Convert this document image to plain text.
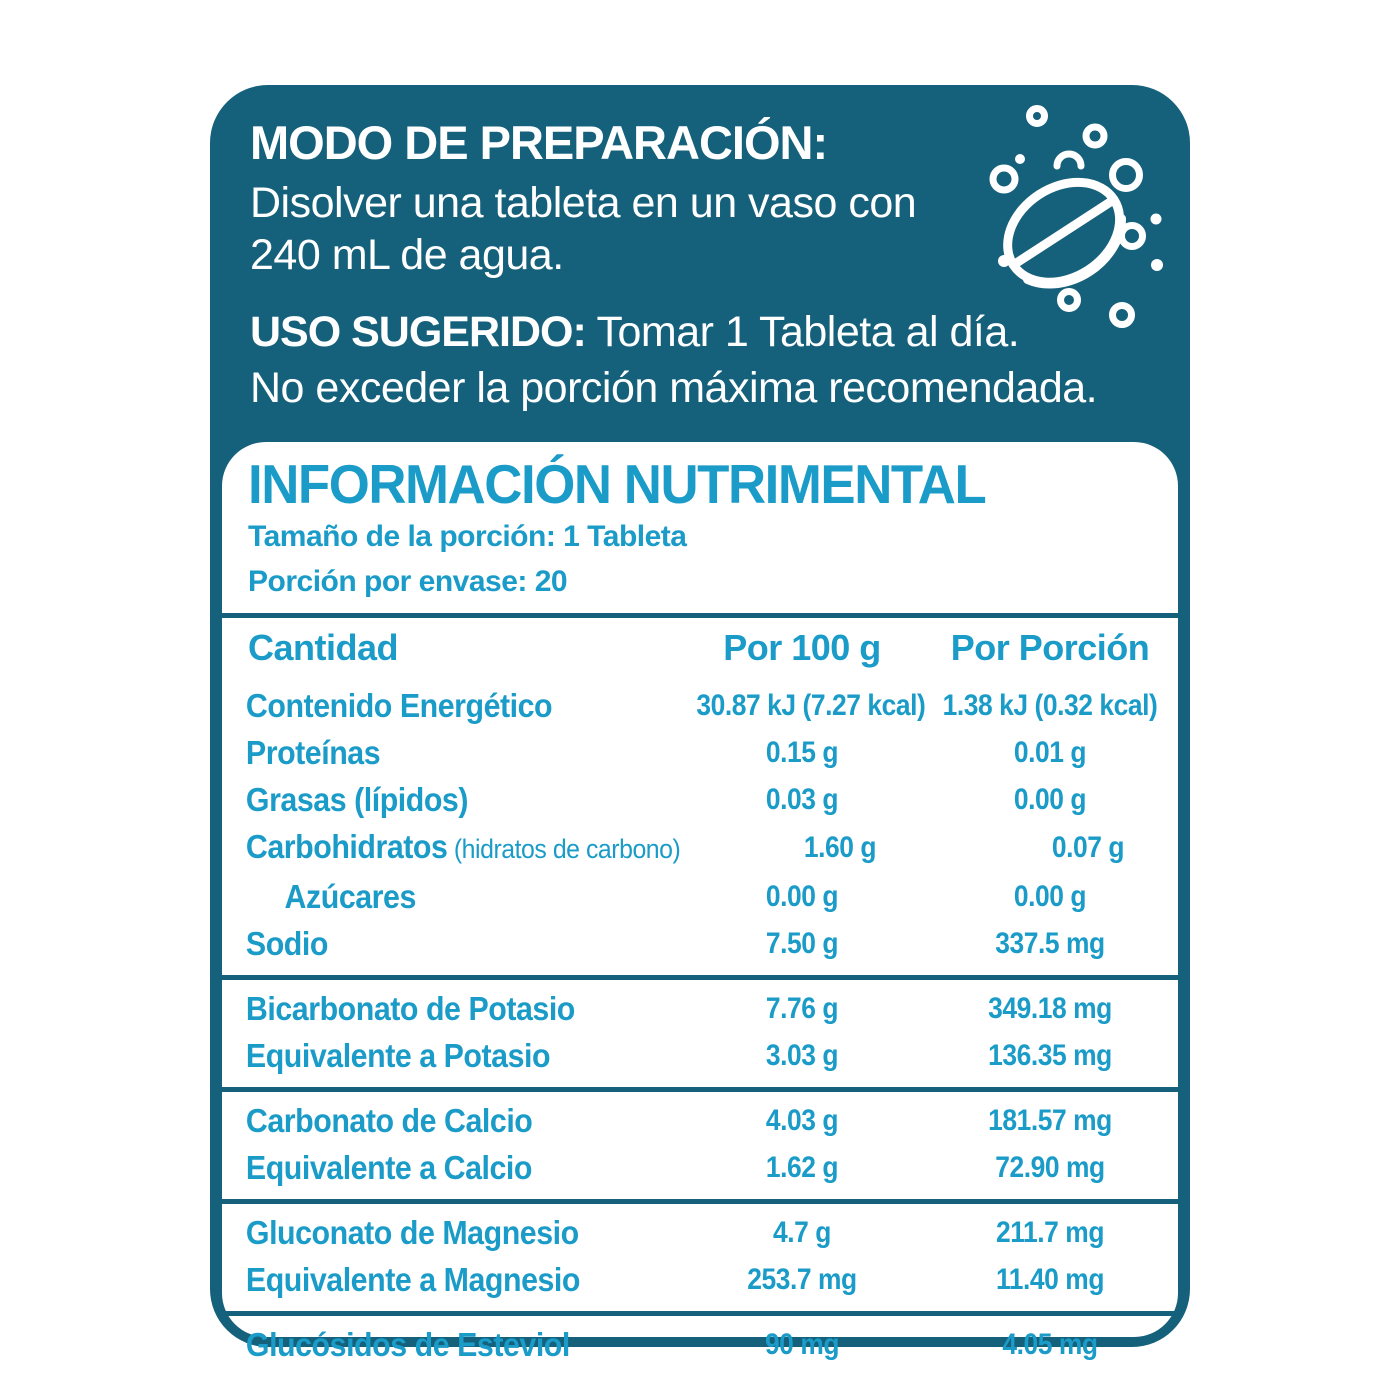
MODO DE PREPARACIÓN:

Disolver una tableta en un vaso con
240 mL de agua.

USO SUGERIDO: Tomar 1 Tableta al día.
No exceder la porción máxima recomendada.

INFORMACIÓN NUTRIMENTAL
Tamaño de la porción: 1 Tableta
Porción por envase: 20
Cantidad	Por 100 g	Por Porción
Contenido Energético	30.87 kJ (7.27 kcal) 1.38 kJ (0.32 kcal)
Proteínas	0.15 g	0.01 g
Grasas (lípidos)	0.03 g	0.00 g
Carbohidratos (hidratos de carbono)	1.60 g	0.07 g
Azúcares	0.00 g	0.00 g
Sodio	7.50 g	337.5 mg
Bicarbonato de Potasio	7.76 g	349.18 mg
Equivalente a Potasio	3.03 g	136.35 mg
Carbonato de Calcio	4.03 g	181.57 mg
Equivalente a Calcio	1.62 g	72.90 mg
Gluconato de Magnesio	4.7 g	211.7 mg
Equivalente a Magnesio	253.7 mg	11.40 mg
Glucósidos de Esteviol	90 mg	4.05 mg
